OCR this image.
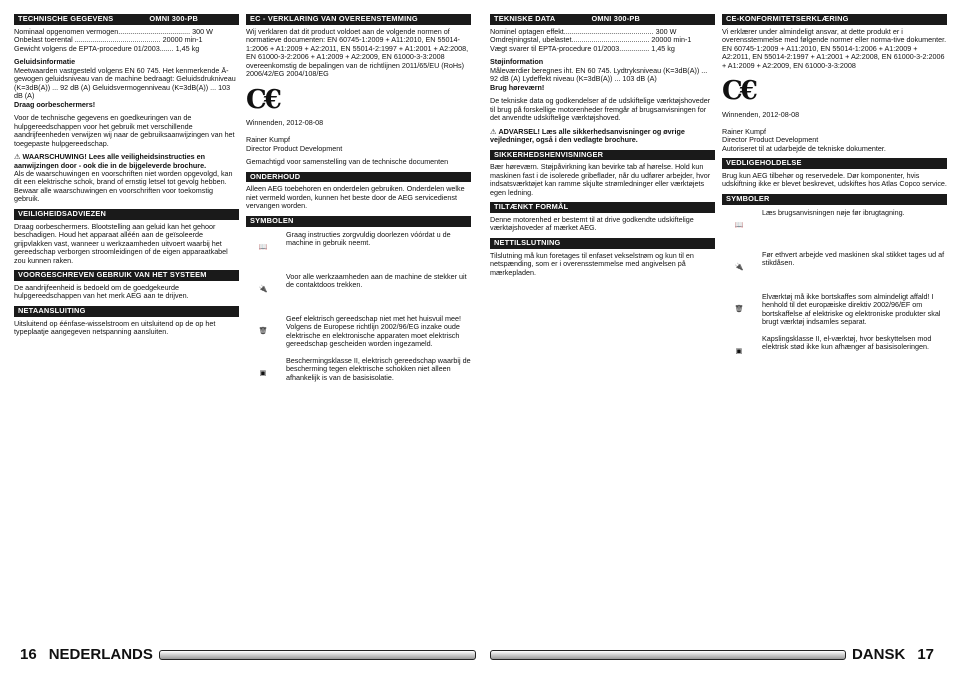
TECHNISCHE GEGEVENS	OMNI 300-PB

Nominaal opgenomen vermogen.................................... 300 W
Onbelast toerental ........................................... 20000 min-1
Gewicht volgens de EPTA-procedure 01/2003....... 1,45 kg

Geluidsinformatie
Meetwaarden vastgesteld volgens EN 60 745. Het kenmerkende Ā-gewogen geluidsniveau van de machine bedraagt: Geluidsdrukniveau (K=3dB(A)) ... 92 dB (A) Geluidsvermogenniveau (K=3dB(A)) ... 103 dB (A)
Draag oorbeschermers!

Voor de technische gegevens en goedkeuringen van de hulpgereedschappen voor het gebruik met verschillende aandrijfeenheden verwijzen wij naar de gebruiksaanwijzingen van het toegepaste hulpgereedschap.

⚠ WAARSCHUWING! Lees alle veiligheidsinstructies en aanwijzingen door - ook die in de bijgeleverde brochure.
Als de waarschuwingen en voorschriften niet worden opgevolgd, kan dit een elektrische schok, brand of ernstig letsel tot gevolg hebben. Bewaar alle waarschuwingen en voorschriften voor toekomstig gebruik.

VEILIGHEIDSADVIEZEN

Draag oorbeschermers. Blootstelling aan geluid kan het gehoor beschadigen. Houd het apparaat alléén aan de geïsoleerde grijpvlakken vast, wanneer u werkzaamheden uitvoert waarbij het gereedschap verborgen stroomleidingen of de eigen apparaatkabel zou kunnen raken.

VOORGESCHREVEN GEBRUIK VAN HET SYSTEEM

De aandrijfeenheid is bedoeld om de goedgekeurde hulpgereedschappen van het merk AEG aan te drijven.

NETAANSLUITING

Uitsluitend op éénfase-wisselstroom en uitsluitend op de op het typeplaatje aangegeven netspanning aansluiten.

EC - VERKLARING VAN OVEREENSTEMMING

Wij verklaren dat dit product voldoet aan de volgende normen of normatieve documenten: EN 60745-1:2009 + A11:2010, EN 55014-1:2006 + A1:2009 + A2:2011, EN 55014-2:1997 + A1:2001 + A2:2008, EN 61000-3-2:2006 + A1:2009 + A2:2009, EN 61000-3-3:2008 overeenkomstig de bepalingen van de richtlijnen 2011/65/EU (RoHs) 2006/42/EG 2004/108/EG

C€

Winnenden, 2012-08-08

Rainer Kumpf
Director Product Development

Gemachtigd voor samenstelling van de technische documenten

ONDERHOUD

Alleen AEG toebehoren en onderdelen gebruiken. Onderdelen welke niet vermeld worden, kunnen het beste door de AEG servicedienst vervangen worden.

SYMBOLEN
📖
Graag instructies zorgvuldig doorlezen vóórdat u de machine in gebruik neemt.
🔌
Voor alle werkzaamheden aan de machine de stekker uit de contaktdoos trekken.
🗑
Geef elektrisch gereedschap niet met het huisvuil mee! Volgens de Europese richtlijn 2002/96/EG inzake oude elektrische en elektronische apparaten moet elektrisch gereedschap gescheiden worden ingezameld.
▣
Beschermingsklasse II, elektrisch gereedschap waarbij de bescherming tegen elektrische schokken niet alleen afhankelijk is van de basisisolatie.
TEKNISKE DATA	OMNI 300-PB

Nominel optagen effekt............................................. 300 W
Omdrejningstal, ubelastet....................................... 20000 min-1
Vægt svarer til EPTA-procedure 01/2003............... 1,45 kg

Støjinformation
Måleværdier beregnes iht. EN 60 745. Lydtryksniveau (K=3dB(A)) ... 92 dB (A) Lydeffekt niveau (K=3dB(A)) ... 103 dB (A)
Brug høreværn!

De tekniske data og godkendelser af de udskiftelige værktøjshoveder til brug på forskellige motorenheder fremgår af brugsanvisningen for det anvendte udskiftelige værktøjshoved.

⚠ ADVARSEL! Læs alle sikkerhedsanvisninger og øvrige vejledninger, også i den vedlagte brochure.

SIKKERHEDSHENVISNINGER

Bær høreværn. Støjpåvirkning kan bevirke tab af hørelse. Hold kun maskinen fast i de isolerede gribeflader, når du udfører arbejder, hvor indsatsværktøjet kan ramme skjulte strømledninger eller værktøjets egen ledning.

TILTÆNKT FORMÅL

Denne motorenhed er bestemt til at drive godkendte udskiftelige værktøjshoveder af mærket AEG.

NETTILSLUTNING

Tilslutning må kun foretages til enfaset vekselstrøm og kun til en netspænding, som er i overensstemmelse med angivelsen på mærkepladen.

CE-KONFORMITETSERKLÆRING

Vi erklærer under almindeligt ansvar, at dette produkt er i overensstemmelse med følgende normer eller norma-tive dokumenter. EN 60745-1:2009 + A11:2010, EN 55014-1:2006 + A1:2009 + A2:2011, EN 55014-2:1997 + A1:2001 + A2:2008, EN 61000-3-2:2006 + A1:2009 + A2:2009, EN 61000-3-3:2008

C€

Winnenden, 2012-08-08

Rainer Kumpf
Director Product Development
Autoriseret til at udarbejde de tekniske dokumenter.

VEDLIGEHOLDELSE

Brug kun AEG tilbehør og reservedele. Dør komponenter, hvis udskiftning ikke er blevet beskrevet, udskiftes hos Atlas Copco service.

SYMBOLER
📖
Læs brugsanvisningen nøje før ibrugtagning.
🔌
Før ethvert arbejde ved maskinen skal stikket tages ud af stikdåsen.
🗑
Elværktøj må ikke bortskaffes som almindeligt affald! I henhold til det europæiske direktiv 2002/96/EF om bortskaffelse af elektriske og elektroniske produkter skal brugt værktøj indsamles separat.
▣
Kapslingsklasse II, el-værktøj, hvor beskyttelsen mod elektrisk stød ikke kun afhænger af basisisoleringen.
16 NEDERLANDS	DANSK 17
